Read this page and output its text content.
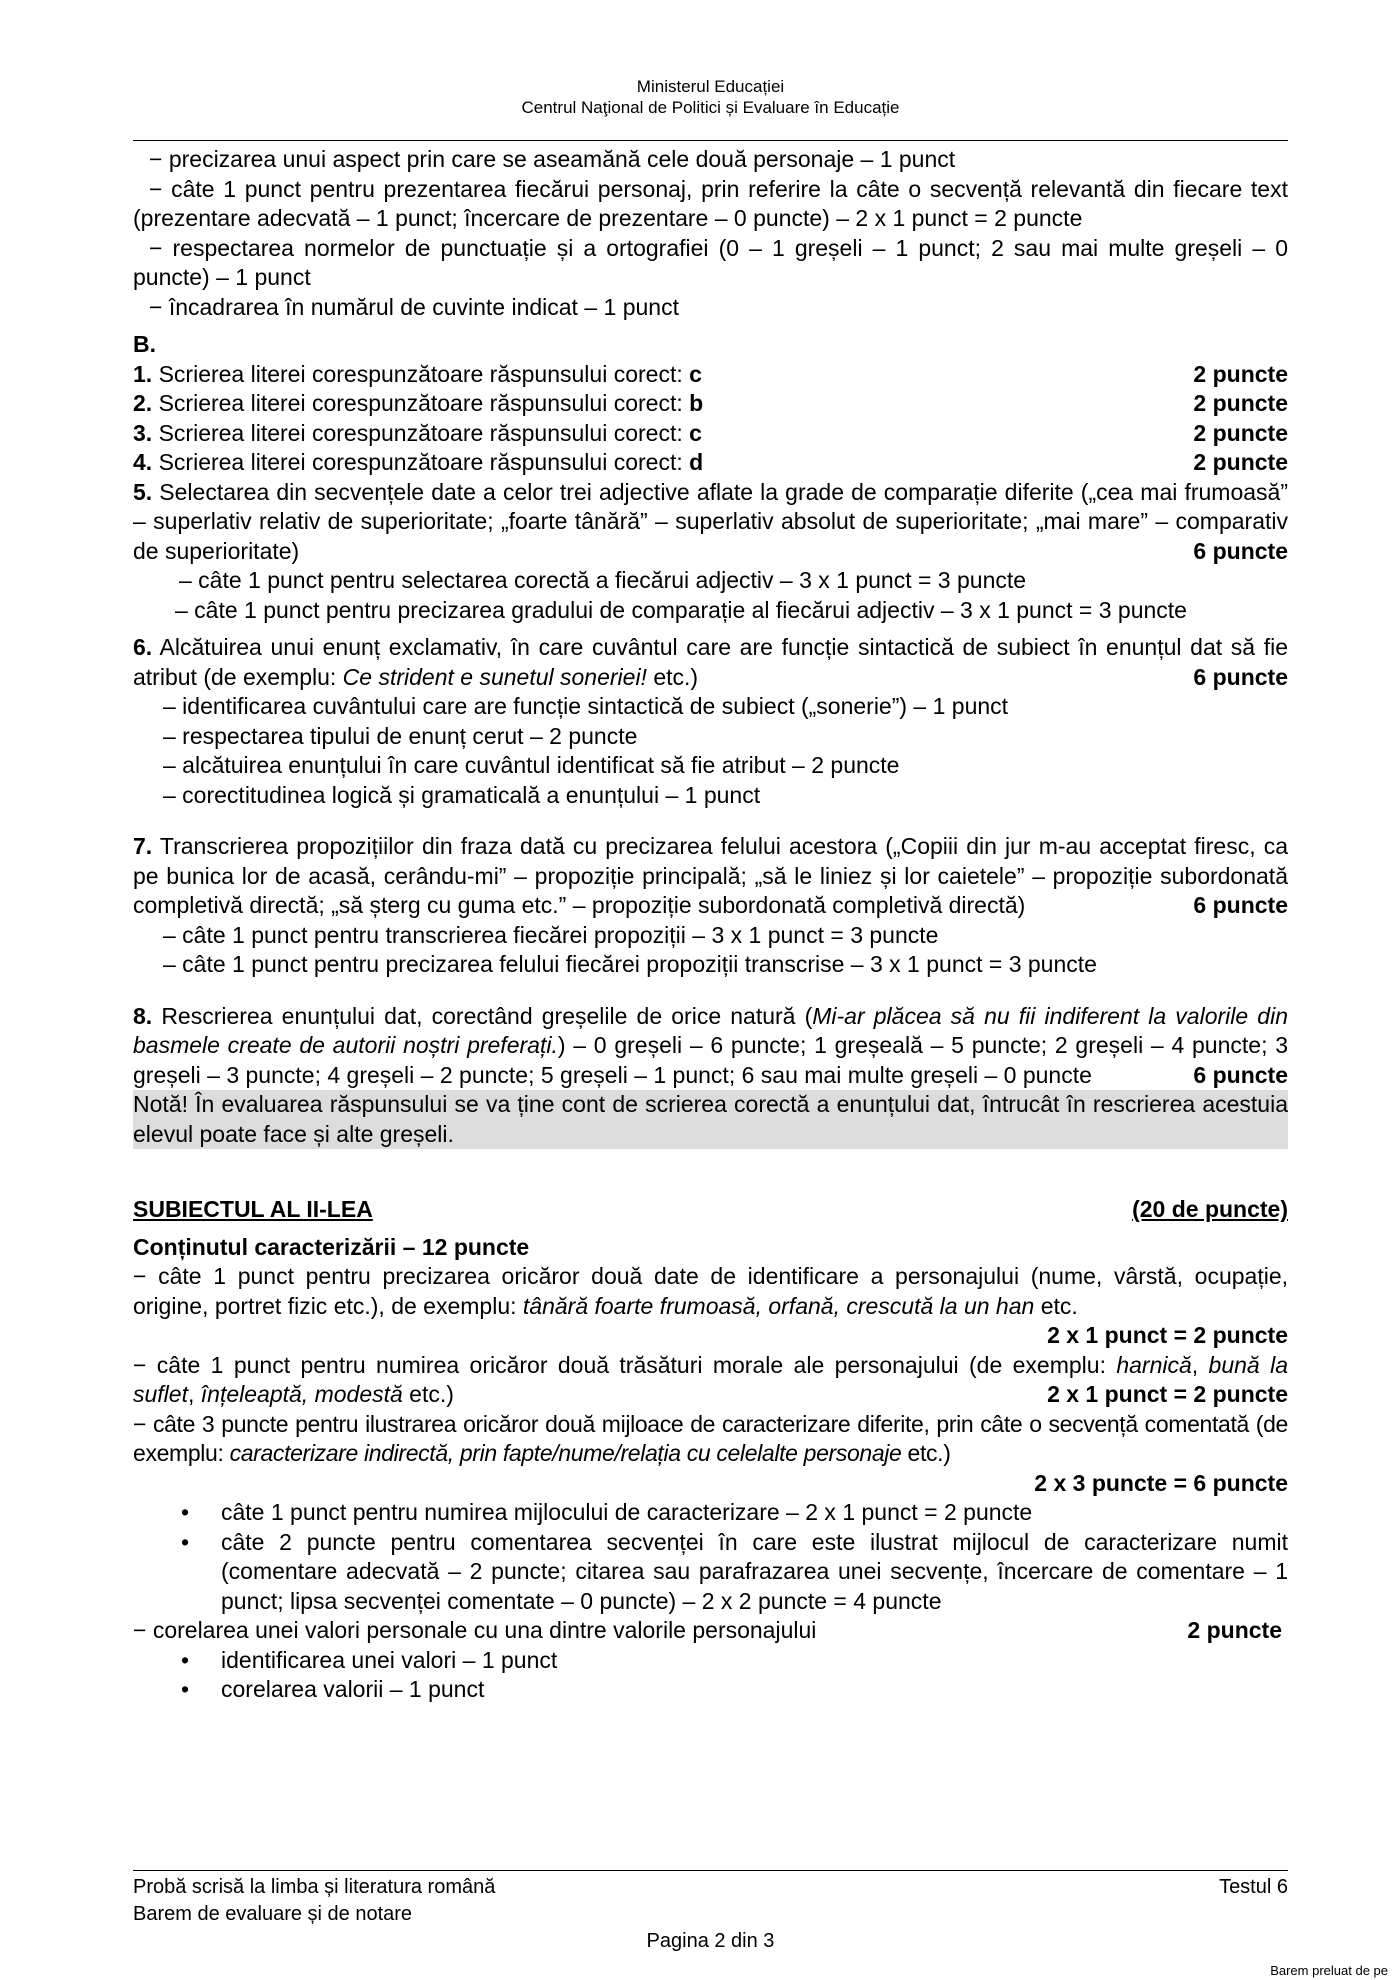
Ministerul Educației
Centrul Naţional de Politici și Evaluare în Educație
− precizarea unui aspect prin care se aseamănă cele două personaje – 1 punct
− câte 1 punct pentru prezentarea fiecărui personaj, prin referire la câte o secvență relevantă din fiecare text (prezentare adecvată – 1 punct; încercare de prezentare – 0 puncte) – 2 x 1 punct = 2 puncte
− respectarea normelor de punctuație și a ortografiei (0 – 1 greșeli – 1 punct; 2 sau mai multe greșeli – 0 puncte) – 1 punct
− încadrarea în numărul de cuvinte indicat – 1 punct
B.
1. Scrierea literei corespunzătoare răspunsului corect: c	2 puncte
2. Scrierea literei corespunzătoare răspunsului corect: b	2 puncte
3. Scrierea literei corespunzătoare răspunsului corect: c	2 puncte
4. Scrierea literei corespunzătoare răspunsului corect: d	2 puncte
5. Selectarea din secvențele date a celor trei adjective aflate la grade de comparație diferite („cea mai frumoasă” – superlativ relativ de superioritate; „foarte tânără” – superlativ absolut de superioritate; „mai mare” – comparativ de superioritate)	6 puncte
– câte 1 punct pentru selectarea corectă a fiecărui adjectiv – 3 x 1 punct = 3 puncte
– câte 1 punct pentru precizarea gradului de comparație al fiecărui adjectiv – 3 x 1 punct = 3 puncte
6. Alcătuirea unui enunț exclamativ, în care cuvântul care are funcție sintactică de subiect în enunțul dat să fie atribut (de exemplu: Ce strident e sunetul soneriei! etc.)	6 puncte
– identificarea cuvântului care are funcție sintactică de subiect („sonerie”) – 1 punct
– respectarea tipului de enunț cerut – 2 puncte
– alcătuirea enunțului în care cuvântul identificat să fie atribut – 2 puncte
– corectitudinea logică și gramaticală a enunțului – 1 punct
7. Transcrierea propozițiilor din fraza dată cu precizarea felului acestora („Copiii din jur m-au acceptat firesc, ca pe bunica lor de acasă, cerându-mi” – propoziție principală; „să le liniez și lor caietele” – propoziție subordonată completivă directă; „să șterg cu guma etc.” – propoziție subordonată completivă directă)	6 puncte
– câte 1 punct pentru transcrierea fiecărei propoziții – 3 x 1 punct = 3 puncte
– câte 1 punct pentru precizarea felului fiecărei propoziții transcrise – 3 x 1 punct = 3 puncte
8. Rescrierea enunțului dat, corectând greșelile de orice natură (Mi-ar plăcea să nu fii indiferent la valorile din basmele create de autorii noștri preferați.) – 0 greșeli – 6 puncte; 1 greșeală – 5 puncte; 2 greșeli – 4 puncte; 3 greșeli – 3 puncte; 4 greșeli – 2 puncte; 5 greșeli – 1 punct; 6 sau mai multe greșeli – 0 puncte	6 puncte
Notă! În evaluarea răspunsului se va ține cont de scrierea corectă a enunțului dat, întrucât în rescrierea acestuia elevul poate face și alte greșeli.
SUBIECTUL AL II-LEA	(20 de puncte)
Conținutul caracterizării – 12 puncte
− câte 1 punct pentru precizarea oricăror două date de identificare a personajului (nume, vârstă, ocupație, origine, portret fizic etc.), de exemplu: tânără foarte frumoasă, orfană, crescută la un han etc.
2 x 1 punct = 2 puncte
− câte 1 punct pentru numirea oricăror două trăsături morale ale personajului (de exemplu: harnică, bună la suflet, înțeleaptă, modestă etc.)	2 x 1 punct = 2 puncte
− câte 3 puncte pentru ilustrarea oricăror două mijloace de caracterizare diferite, prin câte o secvență comentată (de exemplu: caracterizare indirectă, prin fapte/nume/relația cu celelalte personaje etc.)
2 x 3 puncte = 6 puncte
•	câte 1 punct pentru numirea mijlocului de caracterizare – 2 x 1 punct = 2 puncte
•	câte 2 puncte pentru comentarea secvenței în care este ilustrat mijlocul de caracterizare numit (comentare adecvată – 2 puncte; citarea sau parafrazarea unei secvențe, încercare de comentare – 1 punct; lipsa secvenței comentate – 0 puncte) – 2 x 2 puncte = 4 puncte
− corelarea unei valori personale cu una dintre valorile personajului	2 puncte
•	identificarea unei valori – 1 punct
•	corelarea valorii – 1 punct
Probă scrisă la limba și literatura română	Testul 6
Barem de evaluare și de notare
Pagina 2 din 3
Barem preluat de pe
